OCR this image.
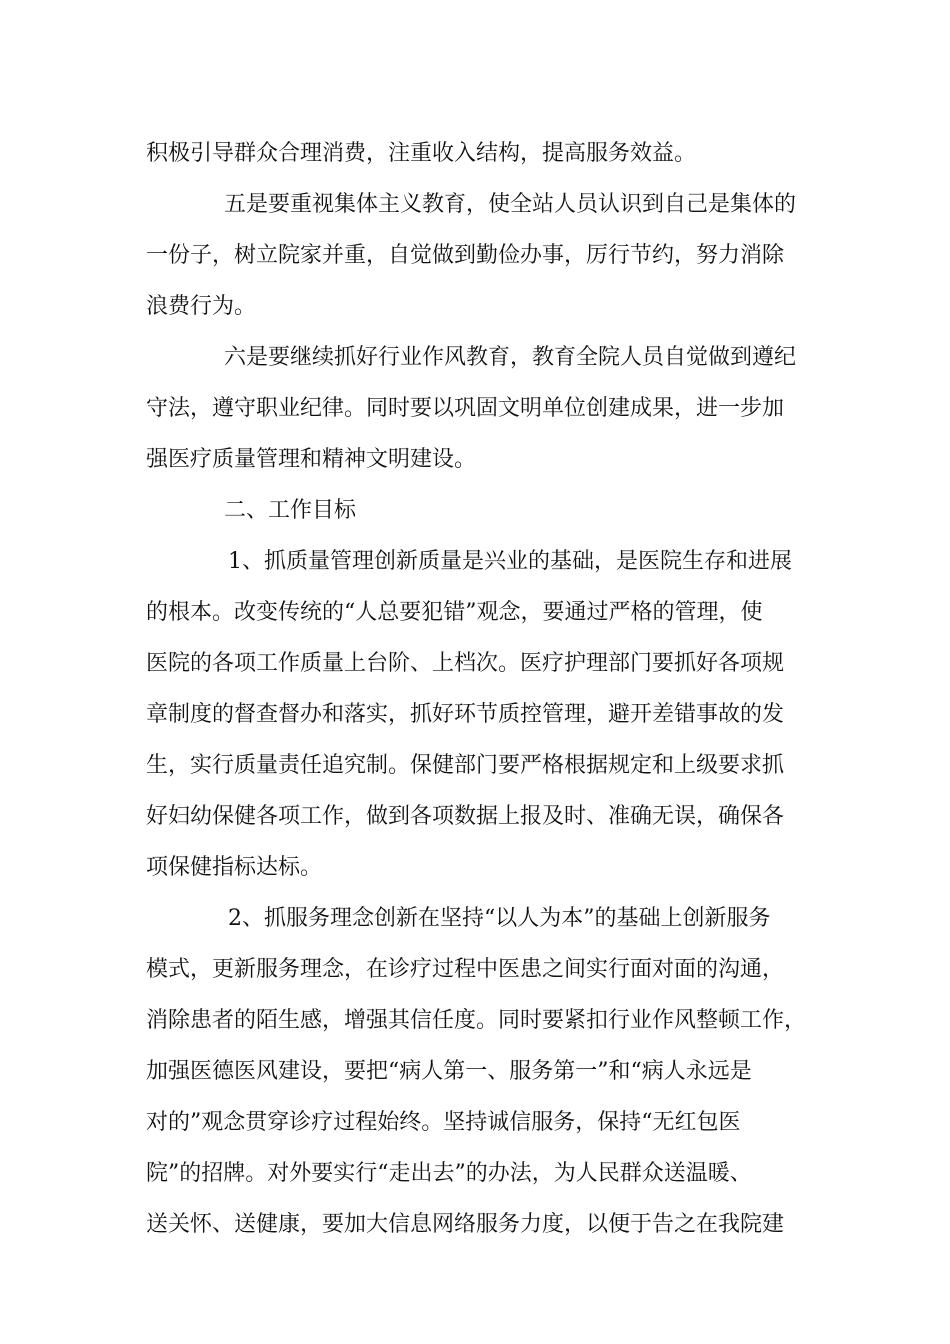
积极引导群众合理消费，注重收入结构，提高服务效益。
五是要重视集体主义教育，使全站人员认识到自己是集体的
一份子，树立院家并重，自觉做到勤俭办事，厉行节约，努力消除
浪费行为。
六是要继续抓好行业作风教育，教育全院人员自觉做到遵纪
守法，遵守职业纪律。同时要以巩固文明单位创建成果，进一步加
强医疗质量管理和精神文明建设。
二、工作目标
1、抓质量管理创新质量是兴业的基础，是医院生存和进展
的根本。改变传统的“人总要犯错”观念，要通过严格的管理，使
医院的各项工作质量上台阶、上档次。医疗护理部门要抓好各项规
章制度的督查督办和落实，抓好环节质控管理，避开差错事故的发
生，实行质量责任追究制。保健部门要严格根据规定和上级要求抓
好妇幼保健各项工作，做到各项数据上报及时、准确无误，确保各
项保健指标达标。
2、抓服务理念创新在坚持“以人为本”的基础上创新服务
模式，更新服务理念，在诊疗过程中医患之间实行面对面的沟通，
消除患者的陌生感，增强其信任度。同时要紧扣行业作风整顿工作，
加强医德医风建设，要把“病人第一、服务第一”和“病人永远是
对的”观念贯穿诊疗过程始终。坚持诚信服务，保持“无红包医
院”的招牌。对外要实行“走出去”的办法，为人民群众送温暖、
送关怀、送健康，要加大信息网络服务力度，以便于告之在我院建
